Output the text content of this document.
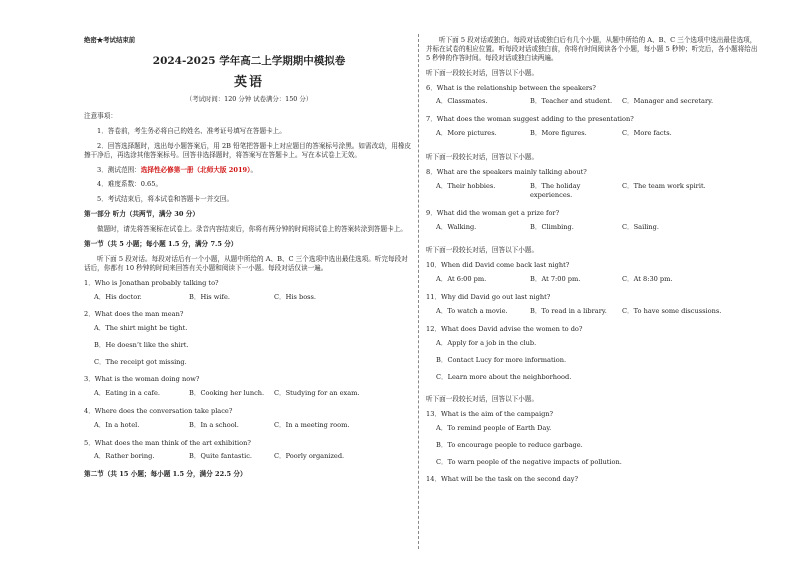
绝密★考试结束前
2024-2025 学年高二上学期期中模拟卷
英语
（考试时间：120 分钟 试卷满分：150 分）
注意事项：
1．答卷前，考生务必将自己的姓名、准考证号填写在答题卡上。
2．回答选择题时，选出每小题答案后，用 2B 铅笔把答题卡上对应题目的答案标号涂黑。如需改动，用橡皮擦干净后，再选涂其他答案标号。回答非选择题时，将答案写在答题卡上。写在本试卷上无效。
3．测试范围：选择性必修第一册（北师大版 2019）。
4．难度系数：0.65。
5．考试结束后，将本试卷和答题卡一并交回。
第一部分 听力（共两节，满分 30 分）
做题时，请先将答案标在试卷上。录音内容结束后，你将有两分钟的时间将试卷上的答案转涂到答题卡上。
第一节（共 5 小题；每小题 1.5 分，满分 7.5 分）
听下面 5 段对话。每段对话后有一个小题，从题中所给的 A、B、C 三个选项中选出最佳选项。听完每段对话后，你都有 10 秒钟的时间来回答有关小题和阅读下一小题。每段对话仅读一遍。
1．Who is Jonathan probably talking to?
A．His doctor.	B．His wife.	C．His boss.
2．What does the man mean?
A．The shirt might be tight.
B．He doesn’t like the shirt.
C．The receipt got missing.
3．What is the woman doing now?
A．Eating in a cafe.	B．Cooking her lunch.	C．Studying for an exam.
4．Where does the conversation take place?
A．In a hotel.	B．In a school.	C．In a meeting room.
5．What does the man think of the art exhibition?
A．Rather boring.	B．Quite fantastic.	C．Poorly organized.
第二节（共 15 小题；每小题 1.5 分，满分 22.5 分）
听下面 5 段对话或独白。每段对话或独白后有几个小题，从题中所给的 A、B、C 三个选项中选出最佳选项，并标在试卷的相应位置。听每段对话或独白前，你将有时间阅读各个小题，每小题 5 秒钟；听完后，各小题将给出 5 秒钟的作答时间。每段对话或独白读两遍。
听下面一段较长对话，回答以下小题。
6．What is the relationship between the speakers?
A．Classmates.	B．Teacher and student.	C．Manager and secretary.
7．What does the woman suggest adding to the presentation?
A．More pictures.	B．More figures.	C．More facts.
听下面一段较长对话，回答以下小题。
8．What are the speakers mainly talking about?
A．Their hobbies.	B．The holiday experiences.
C．The team work spirit.
9．What did the woman get a prize for?
A．Walking.	B．Climbing.	C．Sailing.
听下面一段较长对话，回答以下小题。
10．When did David come back last night?
A．At 6:00 pm.	B．At 7:00 pm.	C．At 8:30 pm.
11．Why did David go out last night?
A．To watch a movie.	B．To read in a library.	C．To have some discussions.
12．What does David advise the women to do?
A．Apply for a job in the club.
B．Contact Lucy for more information.
C．Learn more about the neighborhood.
听下面一段较长对话，回答以下小题。
13．What is the aim of the campaign?
A．To remind people of Earth Day.
B．To encourage people to reduce garbage.
C．To warn people of the negative impacts of pollution.
14．What will be the task on the second day?
